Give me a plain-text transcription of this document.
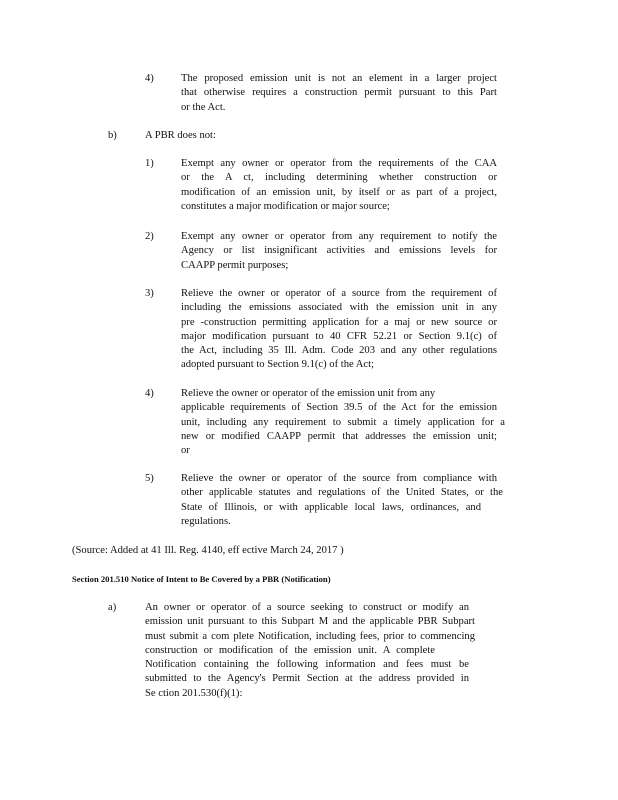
4)	The proposed emission unit is not an element in a larger project
that otherwise requires a construction permit pursuant to this Part
or the Act.
b)	A PBR does not:
1)	Exempt any owner or operator from the requirements of the CAA
or the A ct, including determining whether construction or
modification of an emission unit, by itself or as part of a project,
constitutes a major modification or major source;
2)	Exempt any owner or operator from any requirement to notify the
Agency or list insignificant activities and emissions levels for
CAAPP permit purposes;
3)	Relieve the owner or operator of a source from the requirement of
including the emissions associated with the emission unit in any
pre -construction permitting application for a maj or new source or
major modification pursuant to 40 CFR 52.21 or Section 9.1(c) of
the Act, including 35 Ill. Adm. Code 203 and any other regulations
adopted pursuant to Section 9.1(c) of the Act;
4)	Relieve the owner or operator of the emission unit from any
applicable requirements of Section 39.5 of the Act for the emission
unit, including any requirement to submit a timely application for a
new or modified CAAPP permit that addresses the emission unit;
or
5)	Relieve the owner or operator of the source from compliance with
other applicable statutes and regulations of the United States, or the
State of Illinois, or with applicable local laws, ordinances, and
regulations.
(Source: Added at 41 Ill. Reg. 4140, eff ective March 24, 2017 )
Section 201.510 Notice of Intent to Be Covered by a PBR (Notification)
a)	An owner or operator of a source seeking to construct or modify an
emission unit pursuant to this Subpart M and the applicable PBR Subpart
must submit a com plete Notification, including fees, prior to commencing
construction or modification of the emission unit. A complete
Notification containing the following information and fees must be
submitted to the Agency's Permit Section at the address provided in
Se ction 201.530(f)(1):
